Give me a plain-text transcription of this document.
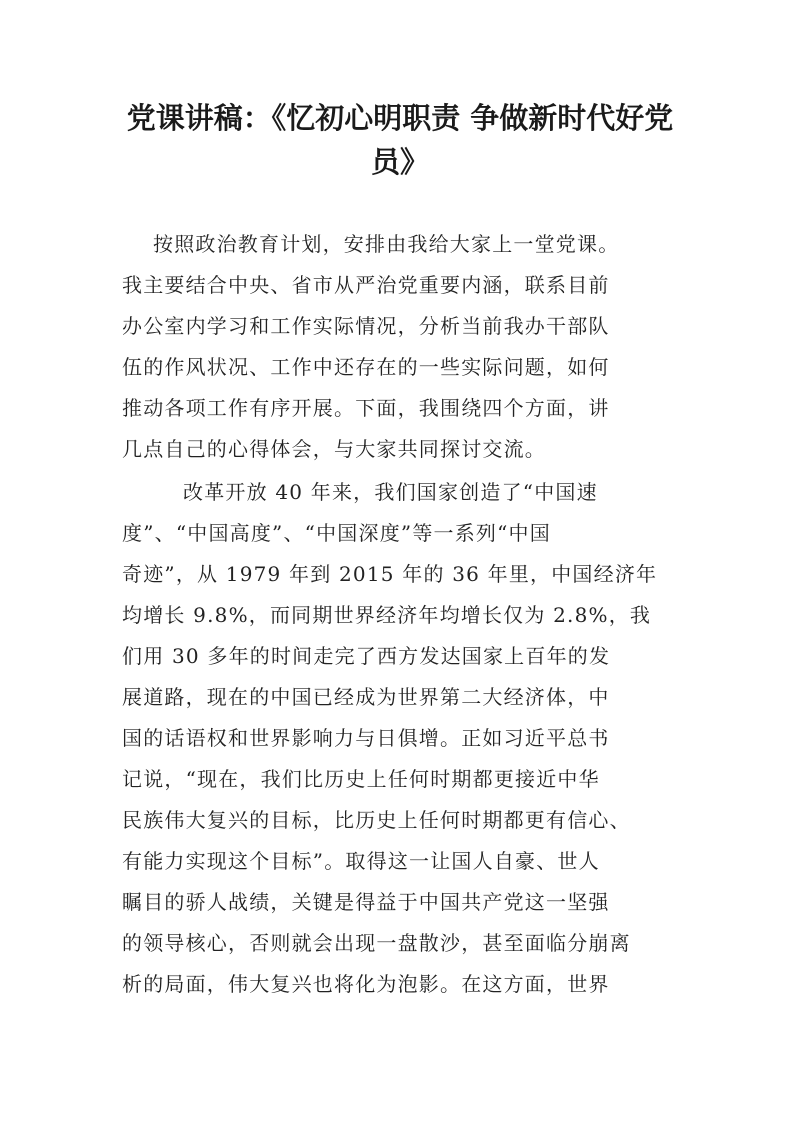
党课讲稿：《忆初心明职责 争做新时代好党员》
按照政治教育计划，安排由我给大家上一堂党课。
我主要结合中央、省市从严治党重要内涵，联系目前
办公室内学习和工作实际情况，分析当前我办干部队
伍的作风状况、工作中还存在的一些实际问题，如何
推动各项工作有序开展。下面，我围绕四个方面，讲
几点自己的心得体会，与大家共同探讨交流。
改革开放 40 年来，我们国家创造了“中国速
度”、“中国高度”、“中国深度”等一系列“中国
奇迹”，从 1979 年到 2015 年的 36 年里，中国经济年
均增长 9.8%，而同期世界经济年均增长仅为 2.8%，我
们用 30 多年的时间走完了西方发达国家上百年的发
展道路，现在的中国已经成为世界第二大经济体，中
国的话语权和世界影响力与日俱增。正如习近平总书
记说，“现在，我们比历史上任何时期都更接近中华
民族伟大复兴的目标，比历史上任何时期都更有信心、
有能力实现这个目标”。取得这一让国人自豪、世人
瞩目的骄人战绩，关键是得益于中国共产党这一坚强
的领导核心，否则就会出现一盘散沙，甚至面临分崩离
析的局面，伟大复兴也将化为泡影。在这方面，世界
